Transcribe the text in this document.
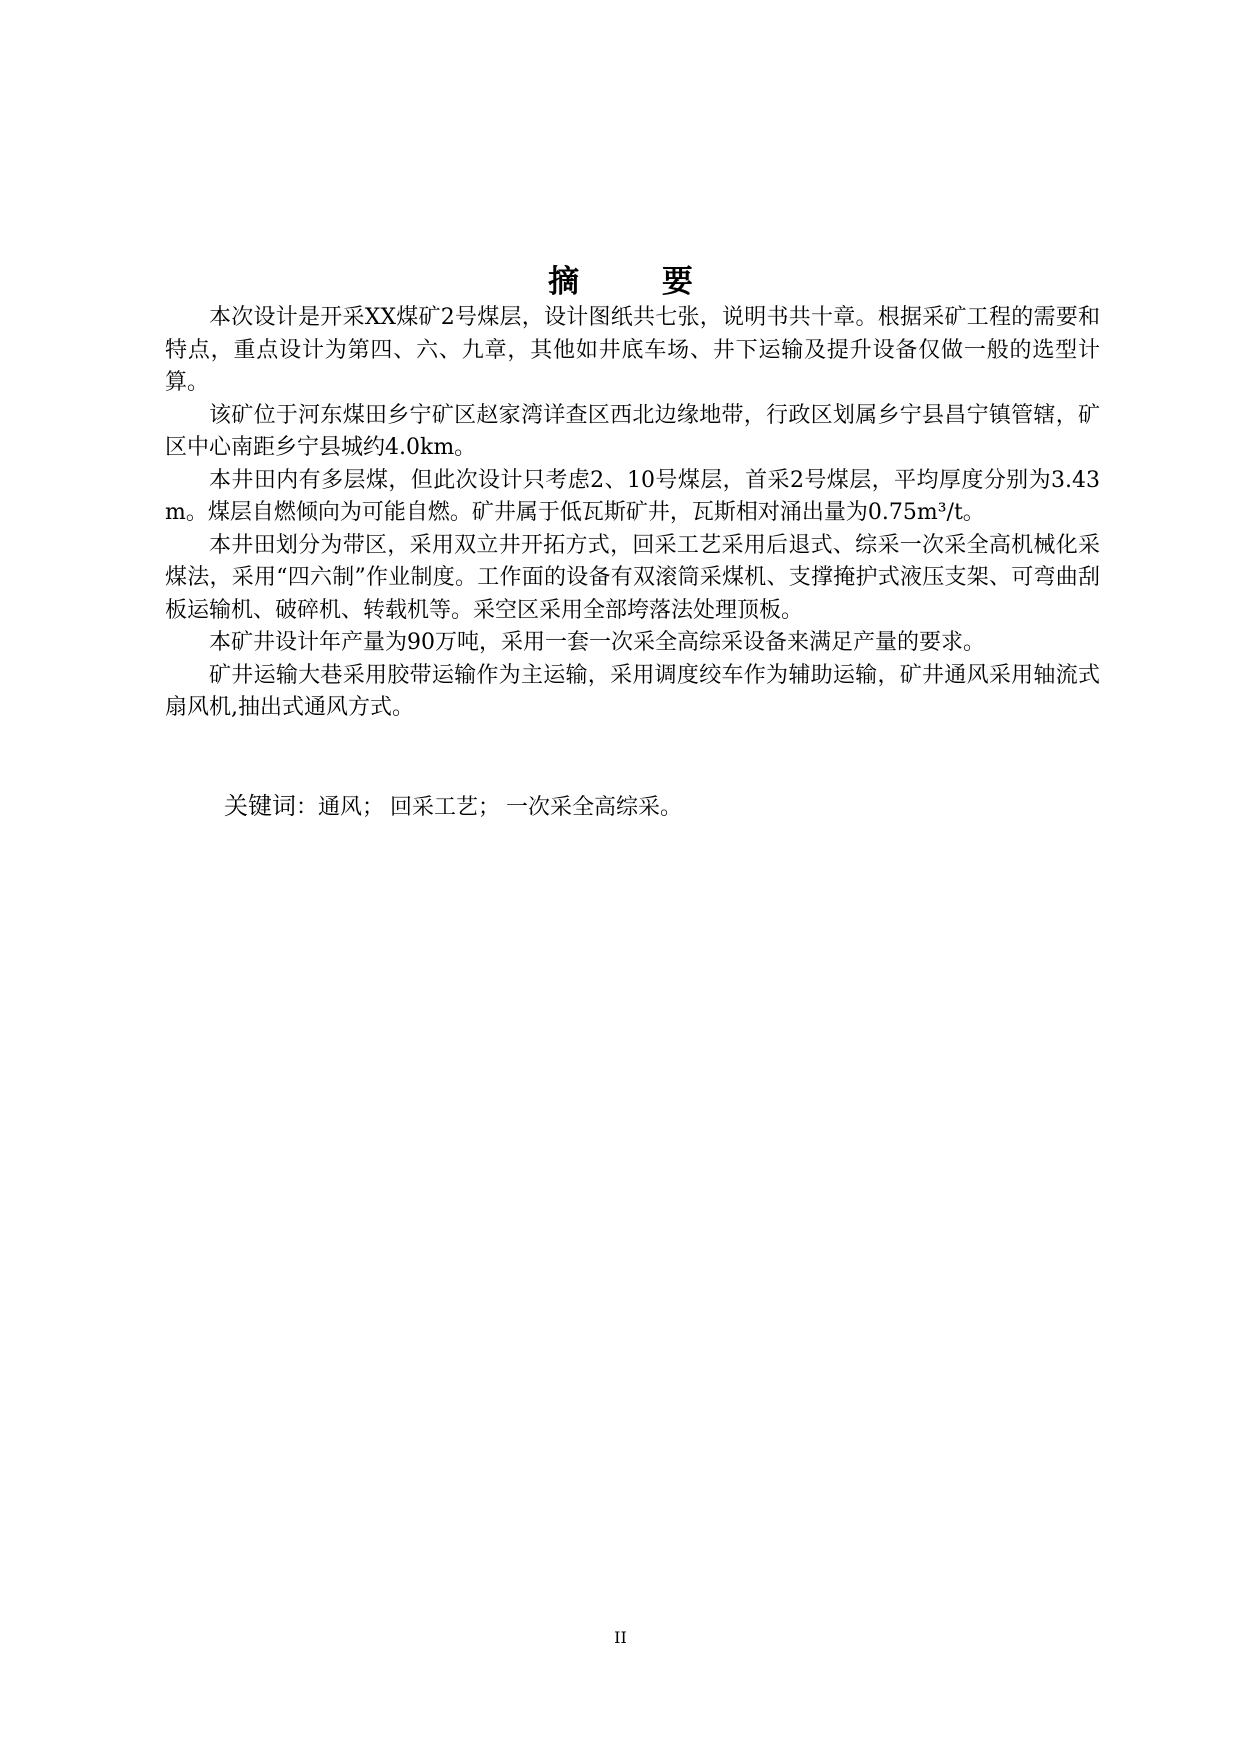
摘 要

本次设计是开采XX煤矿2号煤层，设计图纸共七张，说明书共十章。根据采矿工程的需要和特点，重点设计为第四、六、九章，其他如井底车场、井下运输及提升设备仅做一般的选型计算。

该矿位于河东煤田乡宁矿区赵家湾详查区西北边缘地带，行政区划属乡宁县昌宁镇管辖，矿区中心南距乡宁县城约4.0km。

本井田内有多层煤，但此次设计只考虑2、10号煤层，首采2号煤层，平均厚度分别为3.43m。煤层自燃倾向为可能自燃。矿井属于低瓦斯矿井，瓦斯相对涌出量为0.75m³/t。

本井田划分为带区，采用双立井开拓方式，回采工艺采用后退式、综采一次采全高机械化采煤法，采用“四六制”作业制度。工作面的设备有双滚筒采煤机、支撑掩护式液压支架、可弯曲刮板运输机、破碎机、转载机等。采空区采用全部垮落法处理顶板。

本矿井设计年产量为90万吨，采用一套一次采全高综采设备来满足产量的要求。

矿井运输大巷采用胶带运输作为主运输，采用调度绞车作为辅助运输，矿井通风采用轴流式扇风机,抽出式通风方式。

关键词：通风； 回采工艺； 一次采全高综采。
II
